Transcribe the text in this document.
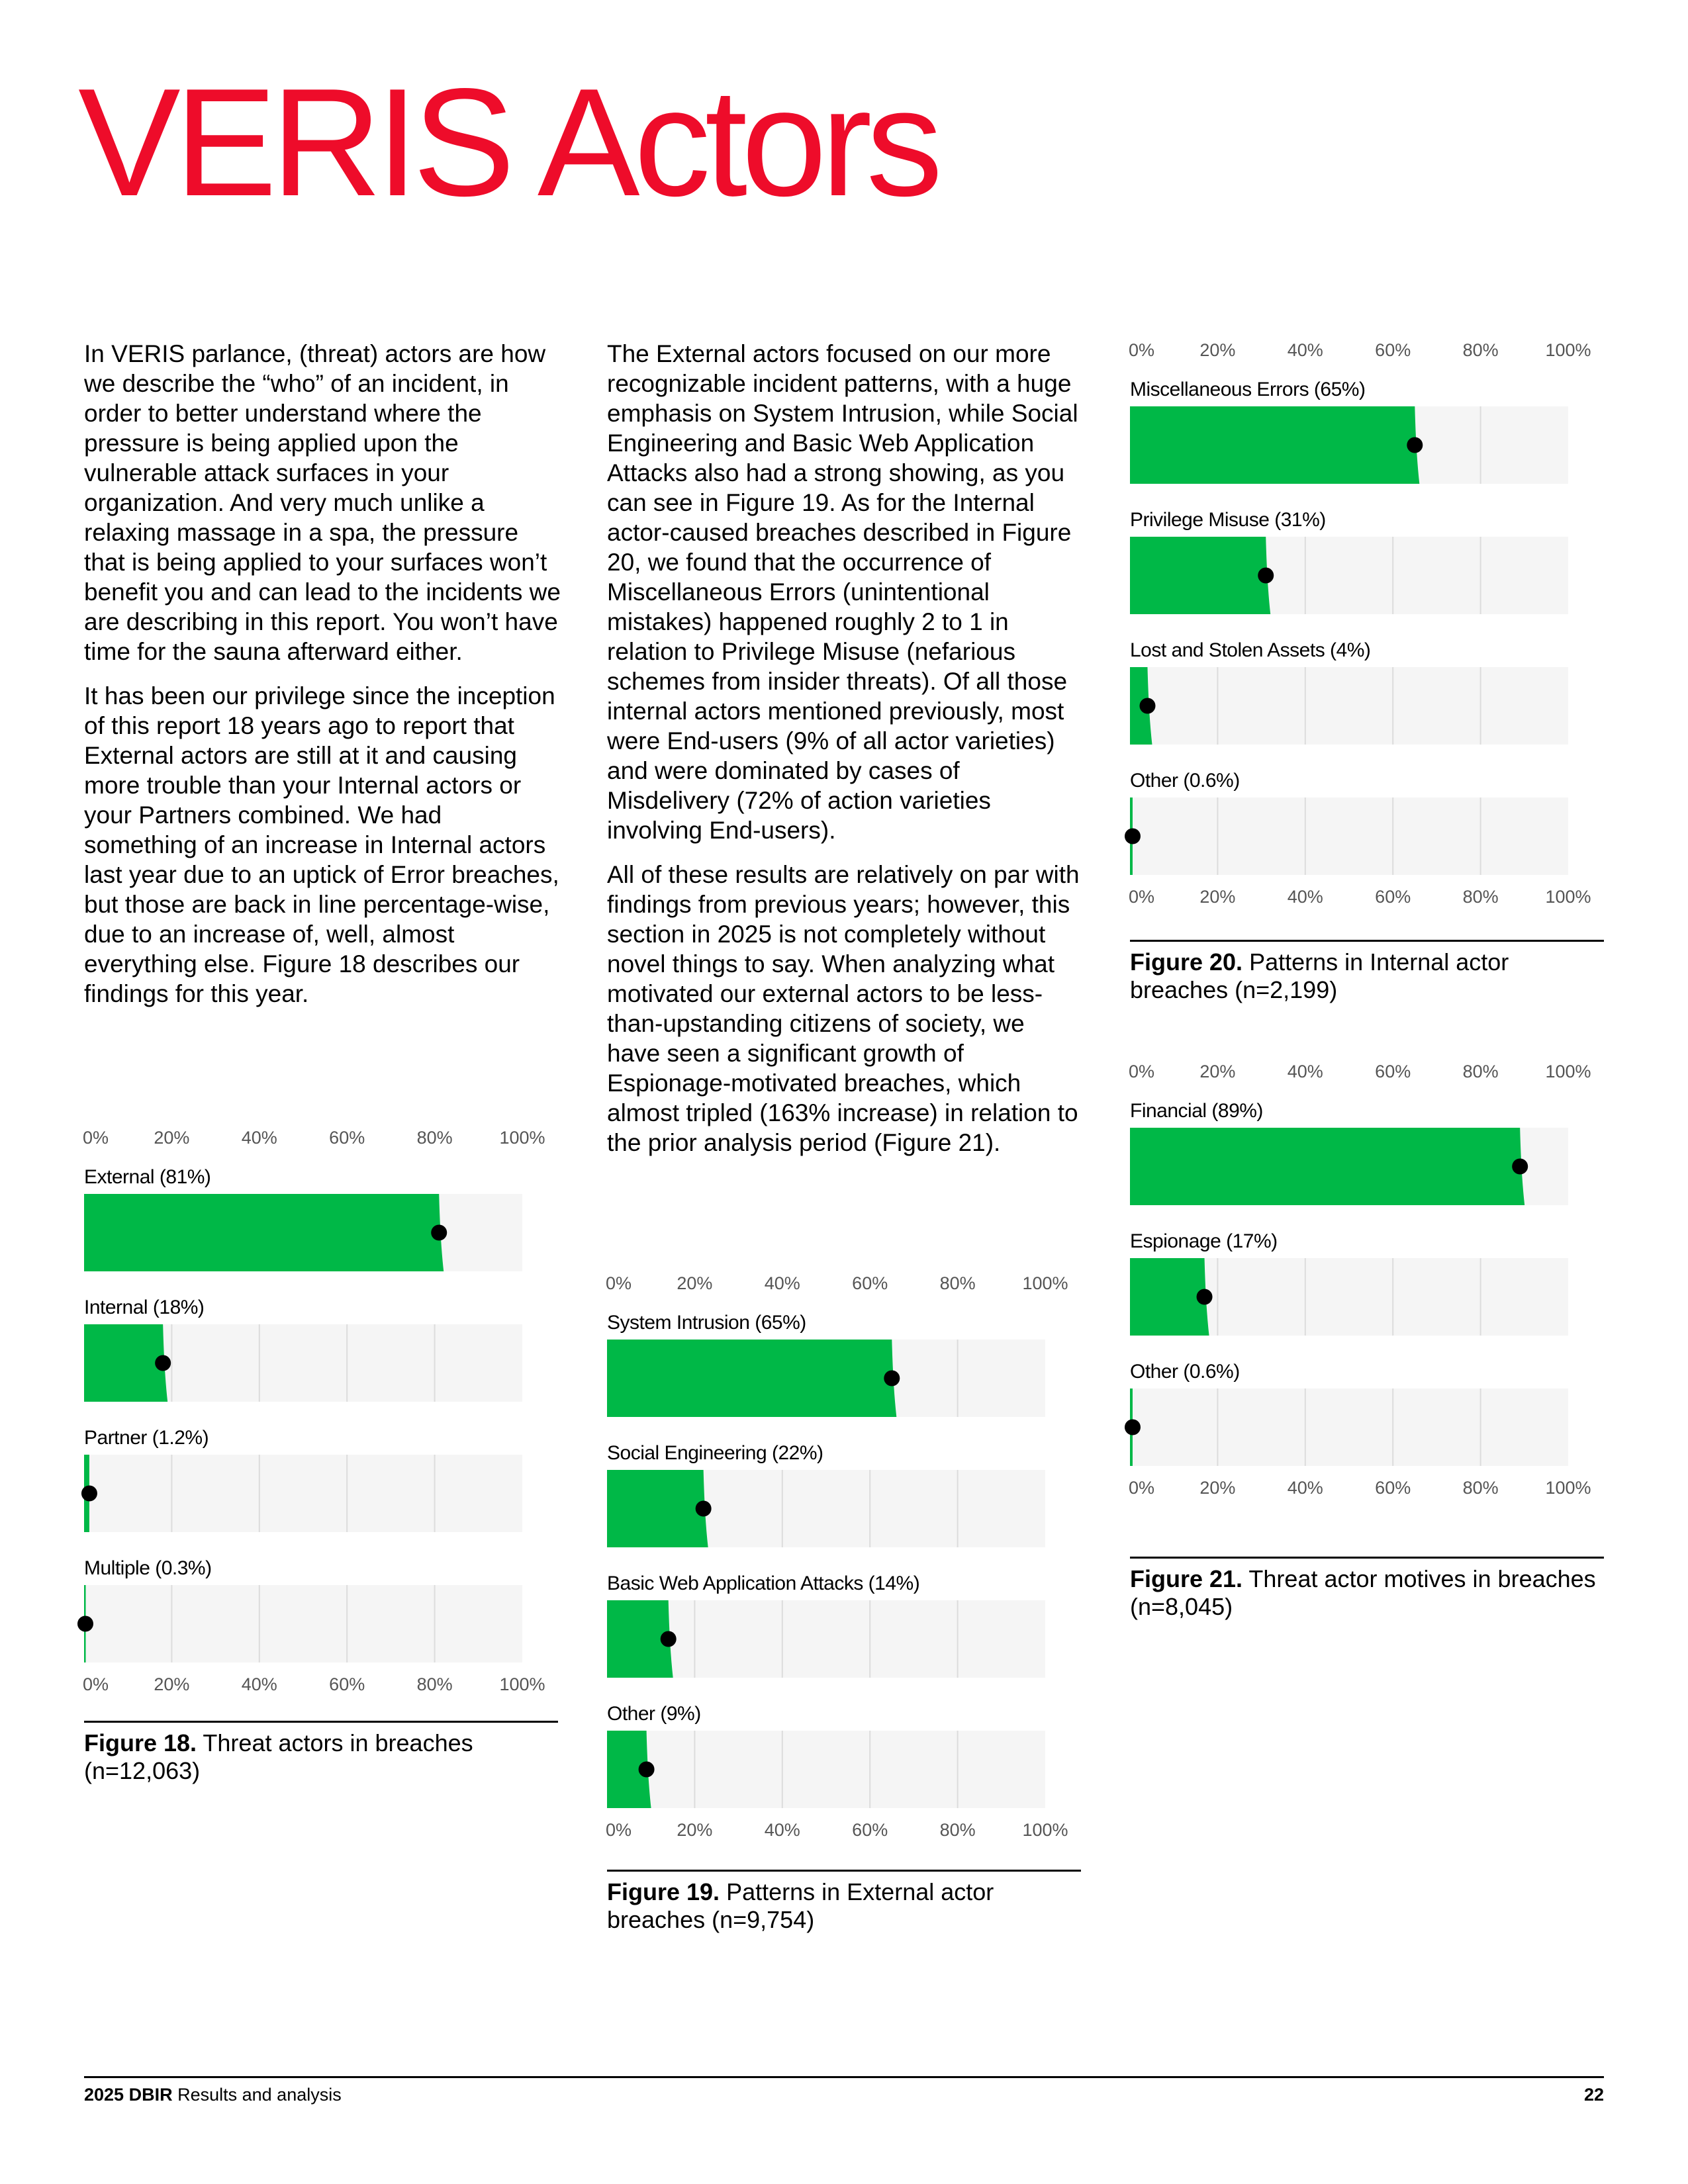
VERIS Actors

In VERIS parlance, (threat) actors are how we describe the “who” of an incident, in order to better understand where the pressure is being applied upon the vulnerable attack surfaces in your organization. And very much unlike a relaxing massage in a spa, the pressure that is being applied to your surfaces won’t benefit you and can lead to the incidents we are describing in this report. You won’t have time for the sauna afterward either.

It has been our privilege since the inception of this report 18 years ago to report that External actors are still at it and causing more trouble than your Internal actors or your Partners combined. We had something of an increase in Internal actors last year due to an uptick of Error breaches, but those are back in line percentage-wise, due to an increase of, well, almost everything else. Figure 18 describes our findings for this year.

The External actors focused on our more recognizable incident patterns, with a huge emphasis on System Intrusion, while Social Engineering and Basic Web Application Attacks also had a strong showing, as you can see in Figure 19. As for the Internal actor-caused breaches described in Figure 20, we found that the occurrence of Miscellaneous Errors (unintentional mistakes) happened roughly 2 to 1 in relation to Privilege Misuse (nefarious schemes from insider threats). Of all those internal actors mentioned previously, most were End-users (9% of all actor varieties) and were dominated by cases of Misdelivery (72% of action varieties involving End-users).

All of these results are relatively on par with findings from previous years; however, this section in 2025 is not completely without novel things to say. When analyzing what motivated our external actors to be less-than-upstanding citizens of society, we have seen a significant growth of Espionage-motivated breaches, which almost tripled (163% increase) in relation to the prior analysis period (Figure 21).

0%	20%	40%	60%	80%	100%
External (81%)
Internal (18%)
Partner (1.2%)
Multiple (0.3%)
0%	20%	40%	60%	80%	100%
Figure 18. Threat actors in breaches (n=12,063)
0%	20%	40%	60%	80%	100%
System Intrusion (65%)
Social Engineering (22%)
Basic Web Application Attacks (14%)
Other (9%)
0%	20%	40%	60%	80%	100%
Figure 19. Patterns in External actor breaches (n=9,754)
0%	20%	40%	60%	80%	100%
Miscellaneous Errors (65%)
Privilege Misuse (31%)
Lost and Stolen Assets (4%)
Other (0.6%)
0%	20%	40%	60%	80%	100%
Figure 20. Patterns in Internal actor breaches (n=2,199)
0%	20%	40%	60%	80%	100%
Financial (89%)
Espionage (17%)
Other (0.6%)
0%	20%	40%	60%	80%	100%
Figure 21. Threat actor motives in breaches (n=8,045)
2025 DBIR Results and analysis	22
